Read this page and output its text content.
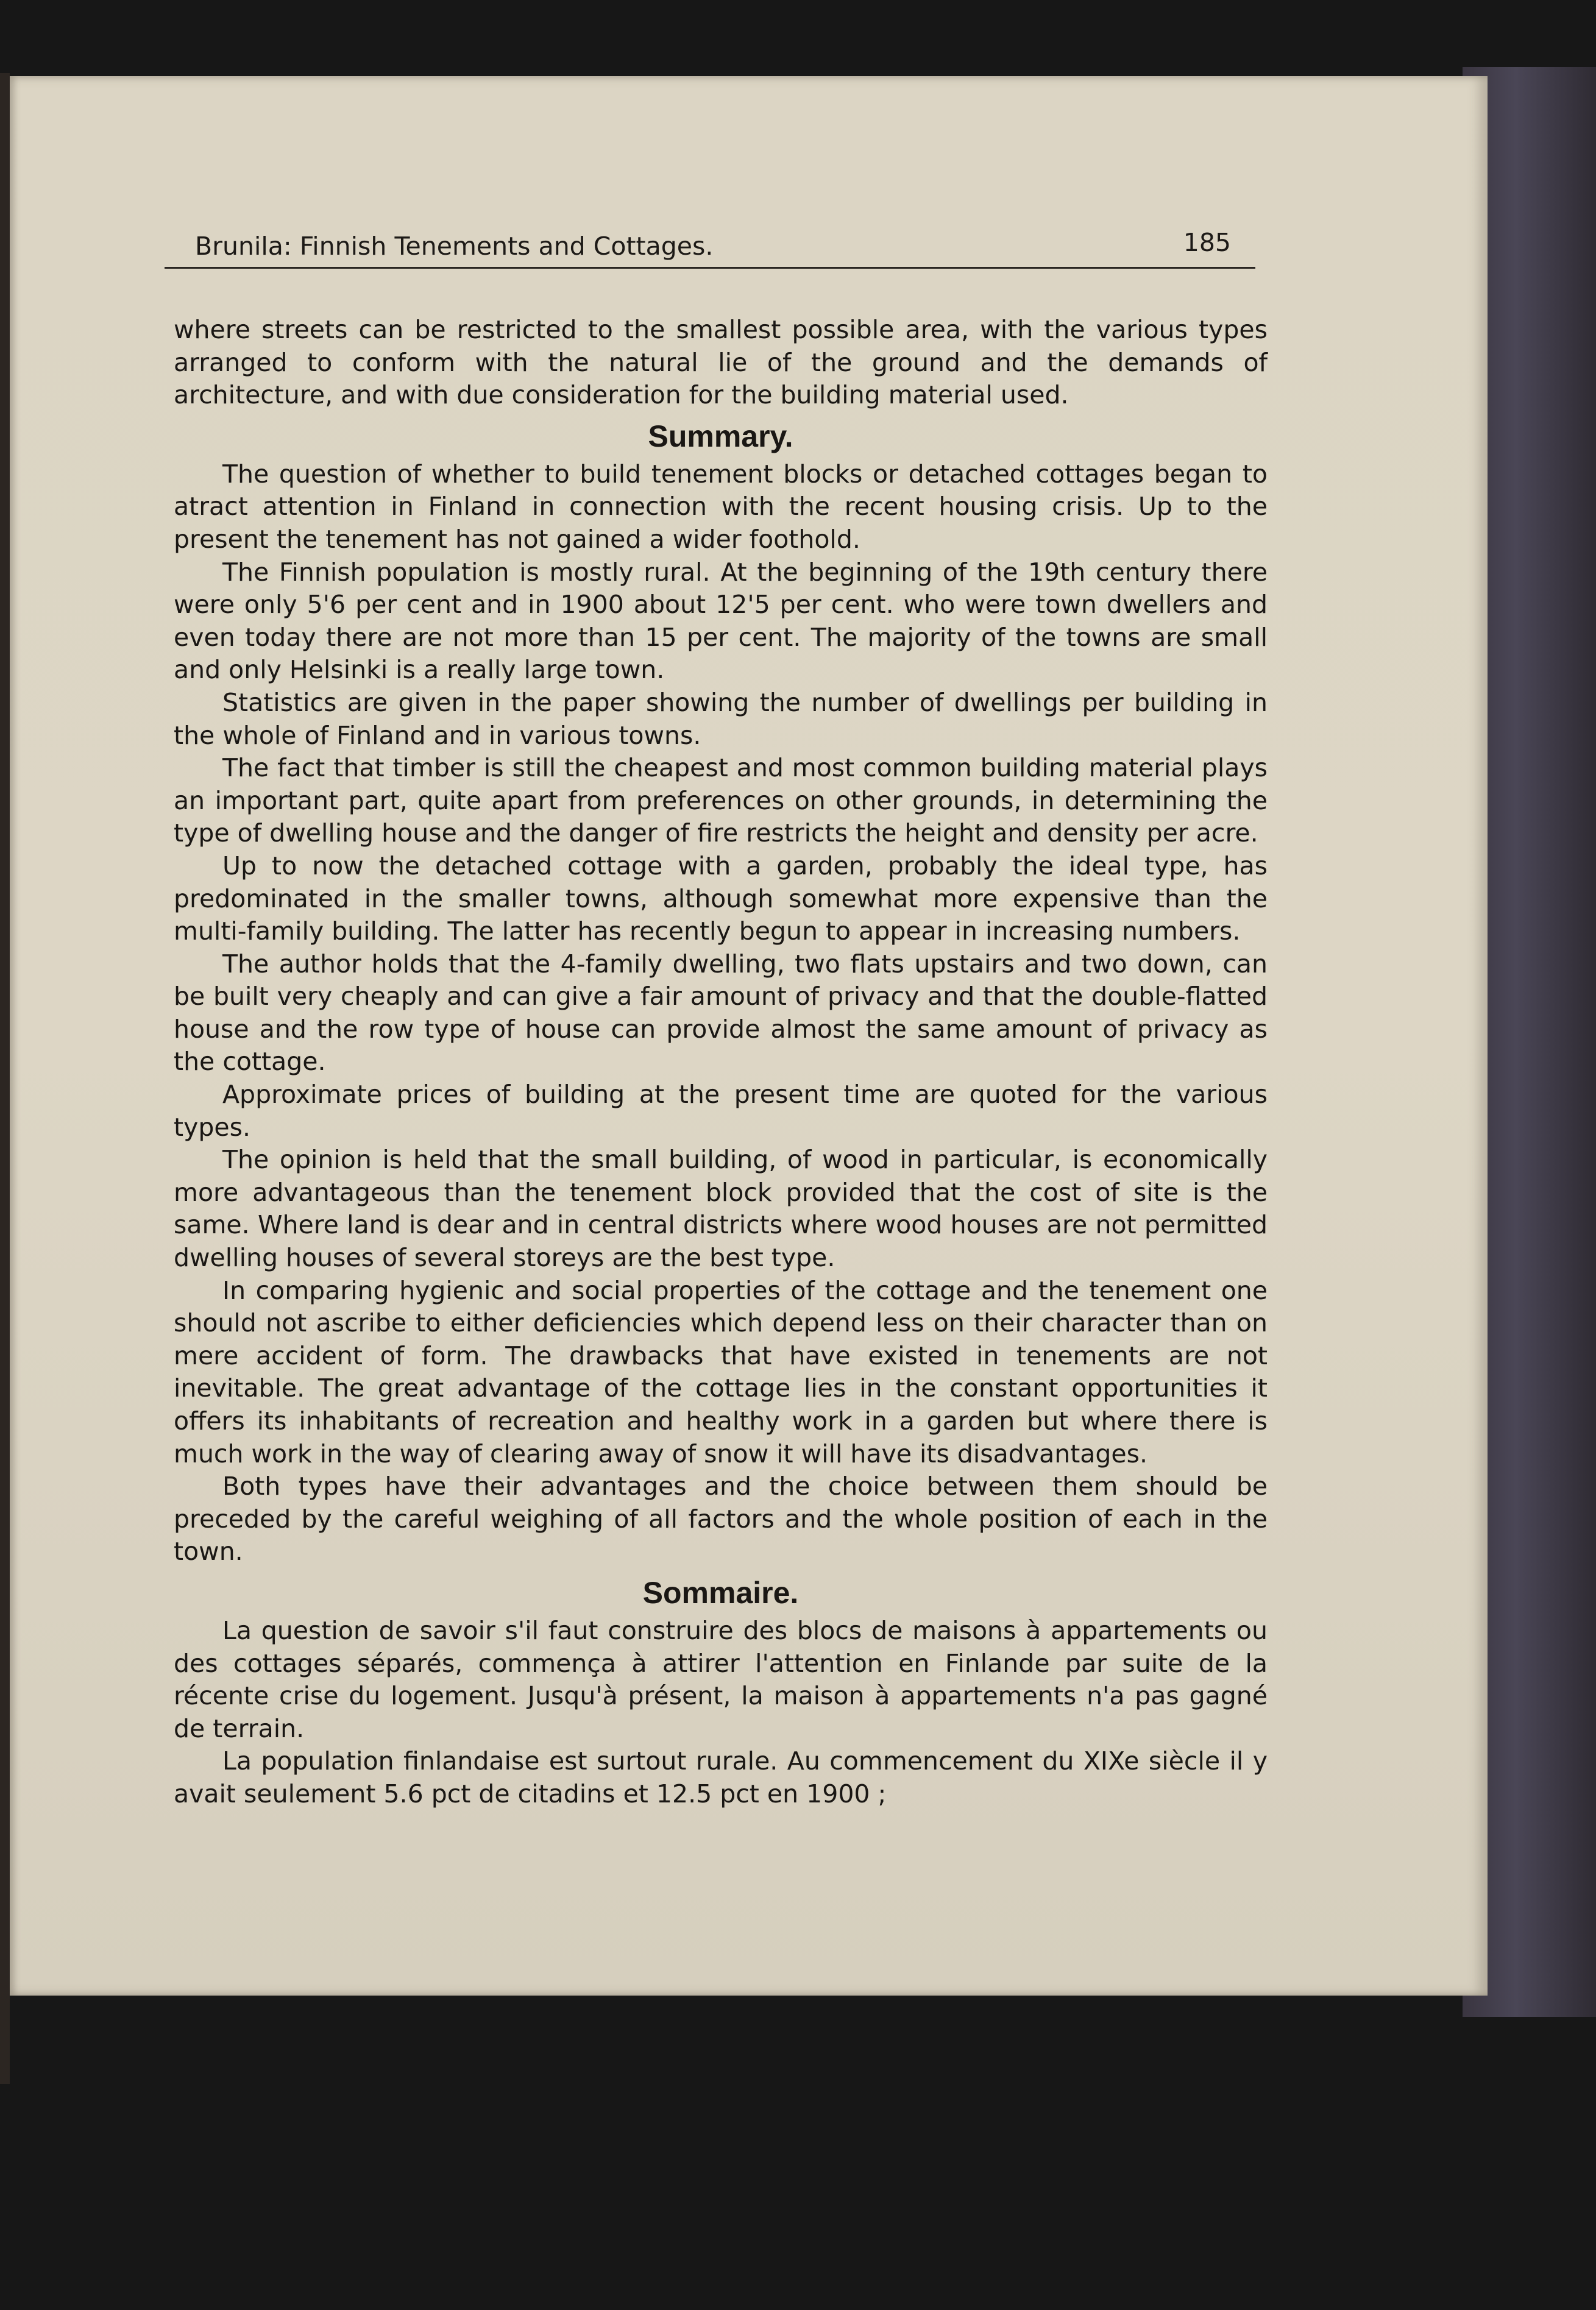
Brunila: Finnish Tenements and Cottages.	185

where streets can be restricted to the smallest possible area, with the various types arranged to conform with the natural lie of the ground and the demands of architecture, and with due consideration for the building material used.

Summary.

The question of whether to build tenement blocks or detached cottages began to atract attention in Finland in connection with the recent housing crisis. Up to the present the tenement has not gained a wider foothold.

The Finnish population is mostly rural. At the beginning of the 19th century there were only 5'6 per cent and in 1900 about 12'5 per cent. who were town dwellers and even today there are not more than 15 per cent. The majority of the towns are small and only Helsinki is a really large town.

Statistics are given in the paper showing the number of dwellings per building in the whole of Finland and in various towns.

The fact that timber is still the cheapest and most common building material plays an important part, quite apart from preferences on other grounds, in determining the type of dwelling house and the danger of fire restricts the height and density per acre.

Up to now the detached cottage with a garden, probably the ideal type, has predominated in the smaller towns, although somewhat more expensive than the multi-family building. The latter has recently begun to appear in increasing numbers.

The author holds that the 4-family dwelling, two flats upstairs and two down, can be built very cheaply and can give a fair amount of privacy and that the double-flatted house and the row type of house can provide almost the same amount of privacy as the cottage.

Approximate prices of building at the present time are quoted for the various types.

The opinion is held that the small building, of wood in particular, is economically more advantageous than the tenement block provided that the cost of site is the same. Where land is dear and in central districts where wood houses are not permitted dwelling houses of several storeys are the best type.

In comparing hygienic and social properties of the cottage and the tenement one should not ascribe to either deficiencies which depend less on their character than on mere accident of form. The drawbacks that have existed in tenements are not inevitable. The great advantage of the cottage lies in the constant opportunities it offers its inhabitants of recreation and healthy work in a garden but where there is much work in the way of clearing away of snow it will have its disadvantages.

Both types have their advantages and the choice between them should be preceded by the careful weighing of all factors and the whole position of each in the town.

Sommaire.

La question de savoir s'il faut construire des blocs de maisons à appartements ou des cottages séparés, commença à attirer l'attention en Finlande par suite de la récente crise du logement. Jusqu'à présent, la maison à appartements n'a pas gagné de terrain.

La population finlandaise est surtout rurale. Au commencement du XIXe siècle il y avait seulement 5.6 pct de citadins et 12.5 pct en 1900 ;
